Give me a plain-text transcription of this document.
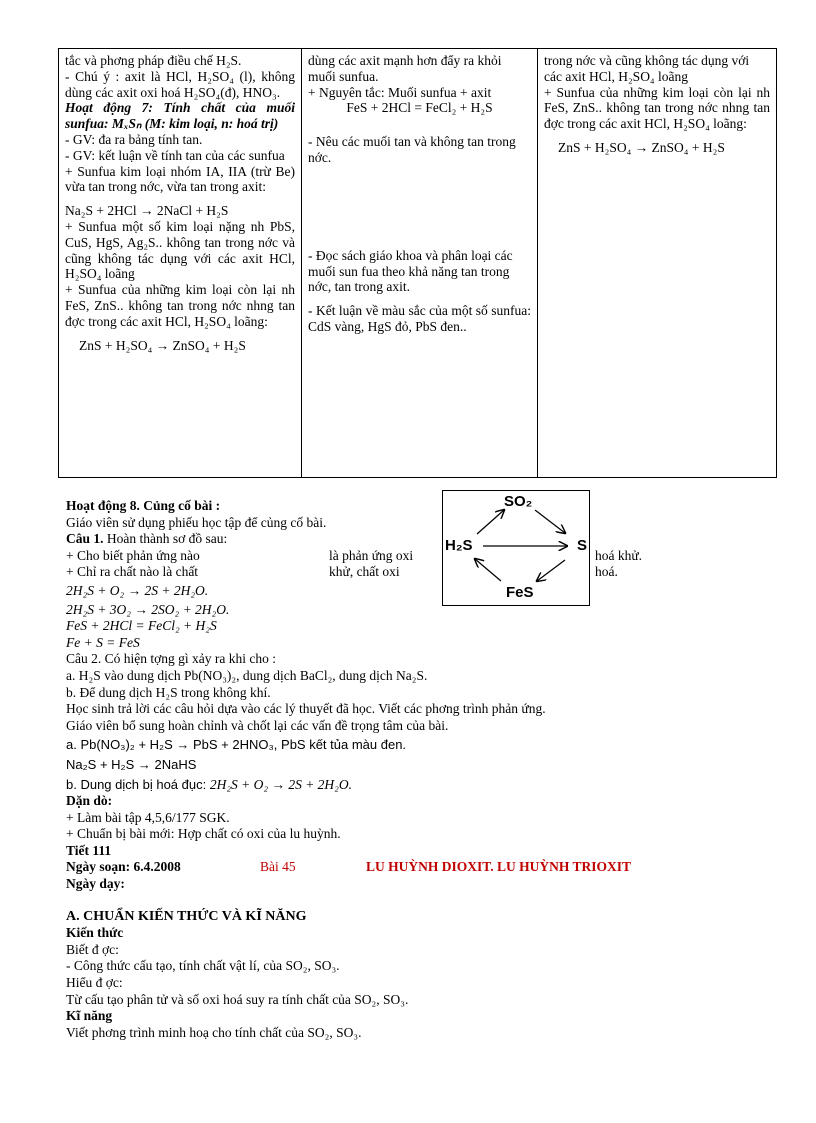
tắc và phơng pháp điều chế H₂S.

- Chú ý : axit là HCl, H₂SO₄ (l), không dùng các axit oxi hoá H₂SO₄(đ), HNO₃.

Hoạt động 7: Tính chất của muối sunfua: MₓSₙ (M: kim loại, n: hoá trị)

- GV: đa ra bảng tính tan.

- GV: kết luận về tính tan của các sunfua

+ Sunfua kim loại nhóm IA, IIA (trừ Be) vừa tan trong nớc, vừa tan trong axit:

Na₂S + 2HCl → 2NaCl + H₂S

+ Sunfua một số kim loại nặng nh PbS, CuS, HgS, Ag₂S.. không tan trong nớc và cũng không tác dụng với các axit HCl, H₂SO₄ loãng

+ Sunfua của những kim loại còn lại nh FeS, ZnS.. không tan trong nớc nhng tan đợc trong các axit HCl, H₂SO₄ loãng:

ZnS + H₂SO₄ → ZnSO₄ + H₂S

dùng các axit mạnh hơn đẩy ra khỏi muối sunfua.

+ Nguyên tắc: Muối sunfua + axit

FeS + 2HCl = FeCl₂ + H₂S

- Nêu các muối tan và không tan trong nớc.

- Đọc sách giáo khoa và phân loại các muối sun fua theo khả năng tan trong nớc, tan trong axit.

- Kết luận về màu sắc của một số sunfua: CdS vàng, HgS đỏ, PbS đen..

trong nớc và cũng không tác dụng với các axit HCl, H₂SO₄ loãng

+ Sunfua của những kim loại còn lại nh FeS, ZnS.. không tan trong nớc nhng tan đợc trong các axit HCl, H₂SO₄ loãng:

ZnS + H₂SO₄ → ZnSO₄ + H₂S

SO₂
H₂S	S
FeS

Hoạt động 8. Củng cố bài :

Giáo viên sử dụng phiếu học tập để củng cố bài.

Câu 1. Hoàn thành sơ đồ sau:

+ Cho biết phản ứng nào	là phản ứng oxi	hoá khử.

+ Chỉ ra chất nào là chất	khử, chất oxi	hoá.

2H₂S + O₂ → 2S + 2H₂O.

2H₂S + 3O₂ → 2SO₂ + 2H₂O.

FeS + 2HCl = FeCl₂ + H₂S

Fe + S = FeS

Câu 2. Có hiện tợng gì xảy ra khi cho :

a. H₂S vào dung dịch Pb(NO₃)₂, dung dịch BaCl₂, dung dịch Na₂S.

b. Để dung dịch H₂S trong không khí.

Học sinh trả lời các câu hỏi dựa vào các lý thuyết đã học. Viết các phơng trình phản ứng.

Giáo viên bổ sung hoàn chỉnh và chốt lại các vấn đề trọng tâm của bài.

a. Pb(NO₃)₂ + H₂S → PbS + 2HNO₃, PbS kết tủa màu đen.

Na₂S + H₂S → 2NaHS

b. Dung dịch bị hoá đục: 2H₂S + O₂ → 2S + 2H₂O.

Dặn dò:

+ Làm bài tập 4,5,6/177 SGK.

+ Chuẩn bị bài mới: Hợp chất có oxi của lu huỳnh.

Tiết 111

Ngày soạn: 6.4.2008	Bài 45	LU HUỲNH DIOXIT. LU HUỲNH TRIOXIT

Ngày dạy:

A. CHUẨN KIẾN THỨC VÀ KĨ NĂNG

Kiến thức

Biết đ ợc:

- Công thức cấu tạo, tính chất vật lí, của SO₂, SO₃.

Hiểu đ ợc:

Từ cấu tạo phân tử và số oxi hoá suy ra tính chất của SO₂, SO₃.

Kĩ năng

Viết phơng trình minh hoạ cho tính chất của SO₂, SO₃.
